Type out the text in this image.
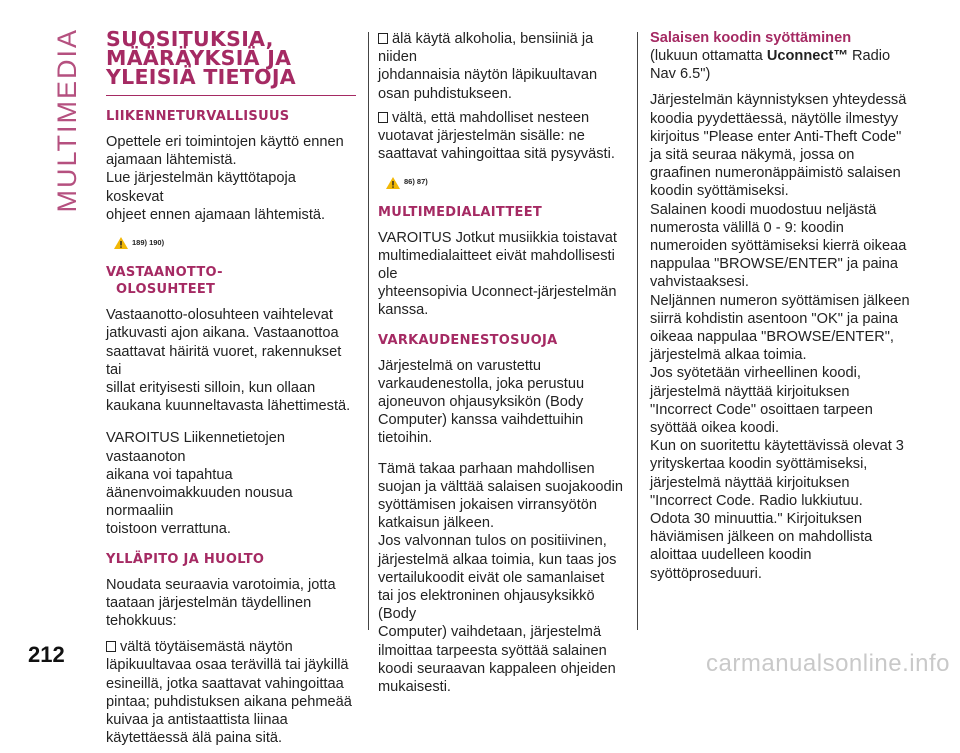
MULTIMEDIA
212	carmanualsonline.info
SUOSITUKSIA,
MÄÄRÄYKSIÄ JA
YLEISIÄ TIETOJA
LIIKENNETURVALLISUUS

Opettele eri toimintojen käyttö ennen
ajamaan lähtemistä.
Lue järjestelmän käyttötapoja koskevat
ohjeet ennen ajamaan lähtemistä.

189) 190)
VASTAANOTTO-
OLOSUHTEET

Vastaanotto-olosuhteen vaihtelevat
jatkuvasti ajon aikana. Vastaanottoa
saattavat häiritä vuoret, rakennukset tai
sillat erityisesti silloin, kun ollaan
kaukana kuunneltavasta lähettimestä.

VAROITUS Liikennetietojen vastaanoton
aikana voi tapahtua
äänenvoimakkuuden nousua normaaliin
toistoon verrattuna.

YLLÄPITO JA HUOLTO

Noudata seuraavia varotoimia, jotta
taataan järjestelmän täydellinen
tehokkuus:

vältä töytäisemästä näytön
läpikuultavaa osaa terävillä tai jäykillä
esineillä, jotka saattavat vahingoittaa
pintaa; puhdistuksen aikana pehmeää
kuivaa ja antistaattista liinaa
käytettäessä älä paina sitä.
älä käytä alkoholia, bensiiniä ja niiden
johdannaisia näytön läpikuultavan
osan puhdistukseen.
vältä, että mahdolliset nesteen
vuotavat järjestelmän sisälle: ne
saattavat vahingoittaa sitä pysyvästi.
86) 87)
MULTIMEDIALAITTEET

VAROITUS Jotkut musiikkia toistavat
multimedialaitteet eivät mahdollisesti ole
yhteensopivia Uconnect-järjestelmän
kanssa.

VARKAUDENESTOSUOJA

Järjestelmä on varustettu
varkaudenestolla, joka perustuu
ajoneuvon ohjausyksikön (Body
Computer) kanssa vaihdettuihin
tietoihin.

Tämä takaa parhaan mahdollisen
suojan ja välttää salaisen suojakoodin
syöttämisen jokaisen virransyötön
katkaisun jälkeen.
Jos valvonnan tulos on positiivinen,
järjestelmä alkaa toimia, kun taas jos
vertailukoodit eivät ole samanlaiset
tai jos elektroninen ohjausyksikkö (Body
Computer) vaihdetaan, järjestelmä
ilmoittaa tarpeesta syöttää salainen
koodi seuraavan kappaleen ohjeiden
mukaisesti.

Salaisen koodin syöttäminen

(lukuun ottamatta Uconnect™ Radio
Nav 6.5")

Järjestelmän käynnistyksen yhteydessä
koodia pyydettäessä, näytölle ilmestyy
kirjoitus "Please enter Anti-Theft Code"
ja sitä seuraa näkymä, jossa on
graafinen numeronäppäimistö salaisen
koodin syöttämiseksi.
Salainen koodi muodostuu neljästä
numerosta välillä 0 - 9: koodin
numeroiden syöttämiseksi kierrä oikeaa
nappulaa "BROWSE/ENTER" ja paina
vahvistaaksesi.
Neljännen numeron syöttämisen jälkeen
siirrä kohdistin asentoon "OK" ja paina
oikeaa nappulaa "BROWSE/ENTER",
järjestelmä alkaa toimia.
Jos syötetään virheellinen koodi,
järjestelmä näyttää kirjoituksen
"Incorrect Code" osoittaen tarpeen
syöttää oikea koodi.
Kun on suoritettu käytettävissä olevat 3
yrityskertaa koodin syöttämiseksi,
järjestelmä näyttää kirjoituksen
"Incorrect Code. Radio lukkiutuu.
Odota 30 minuuttia." Kirjoituksen
häviämisen jälkeen on mahdollista
aloittaa uudelleen koodin
syöttöproseduuri.
